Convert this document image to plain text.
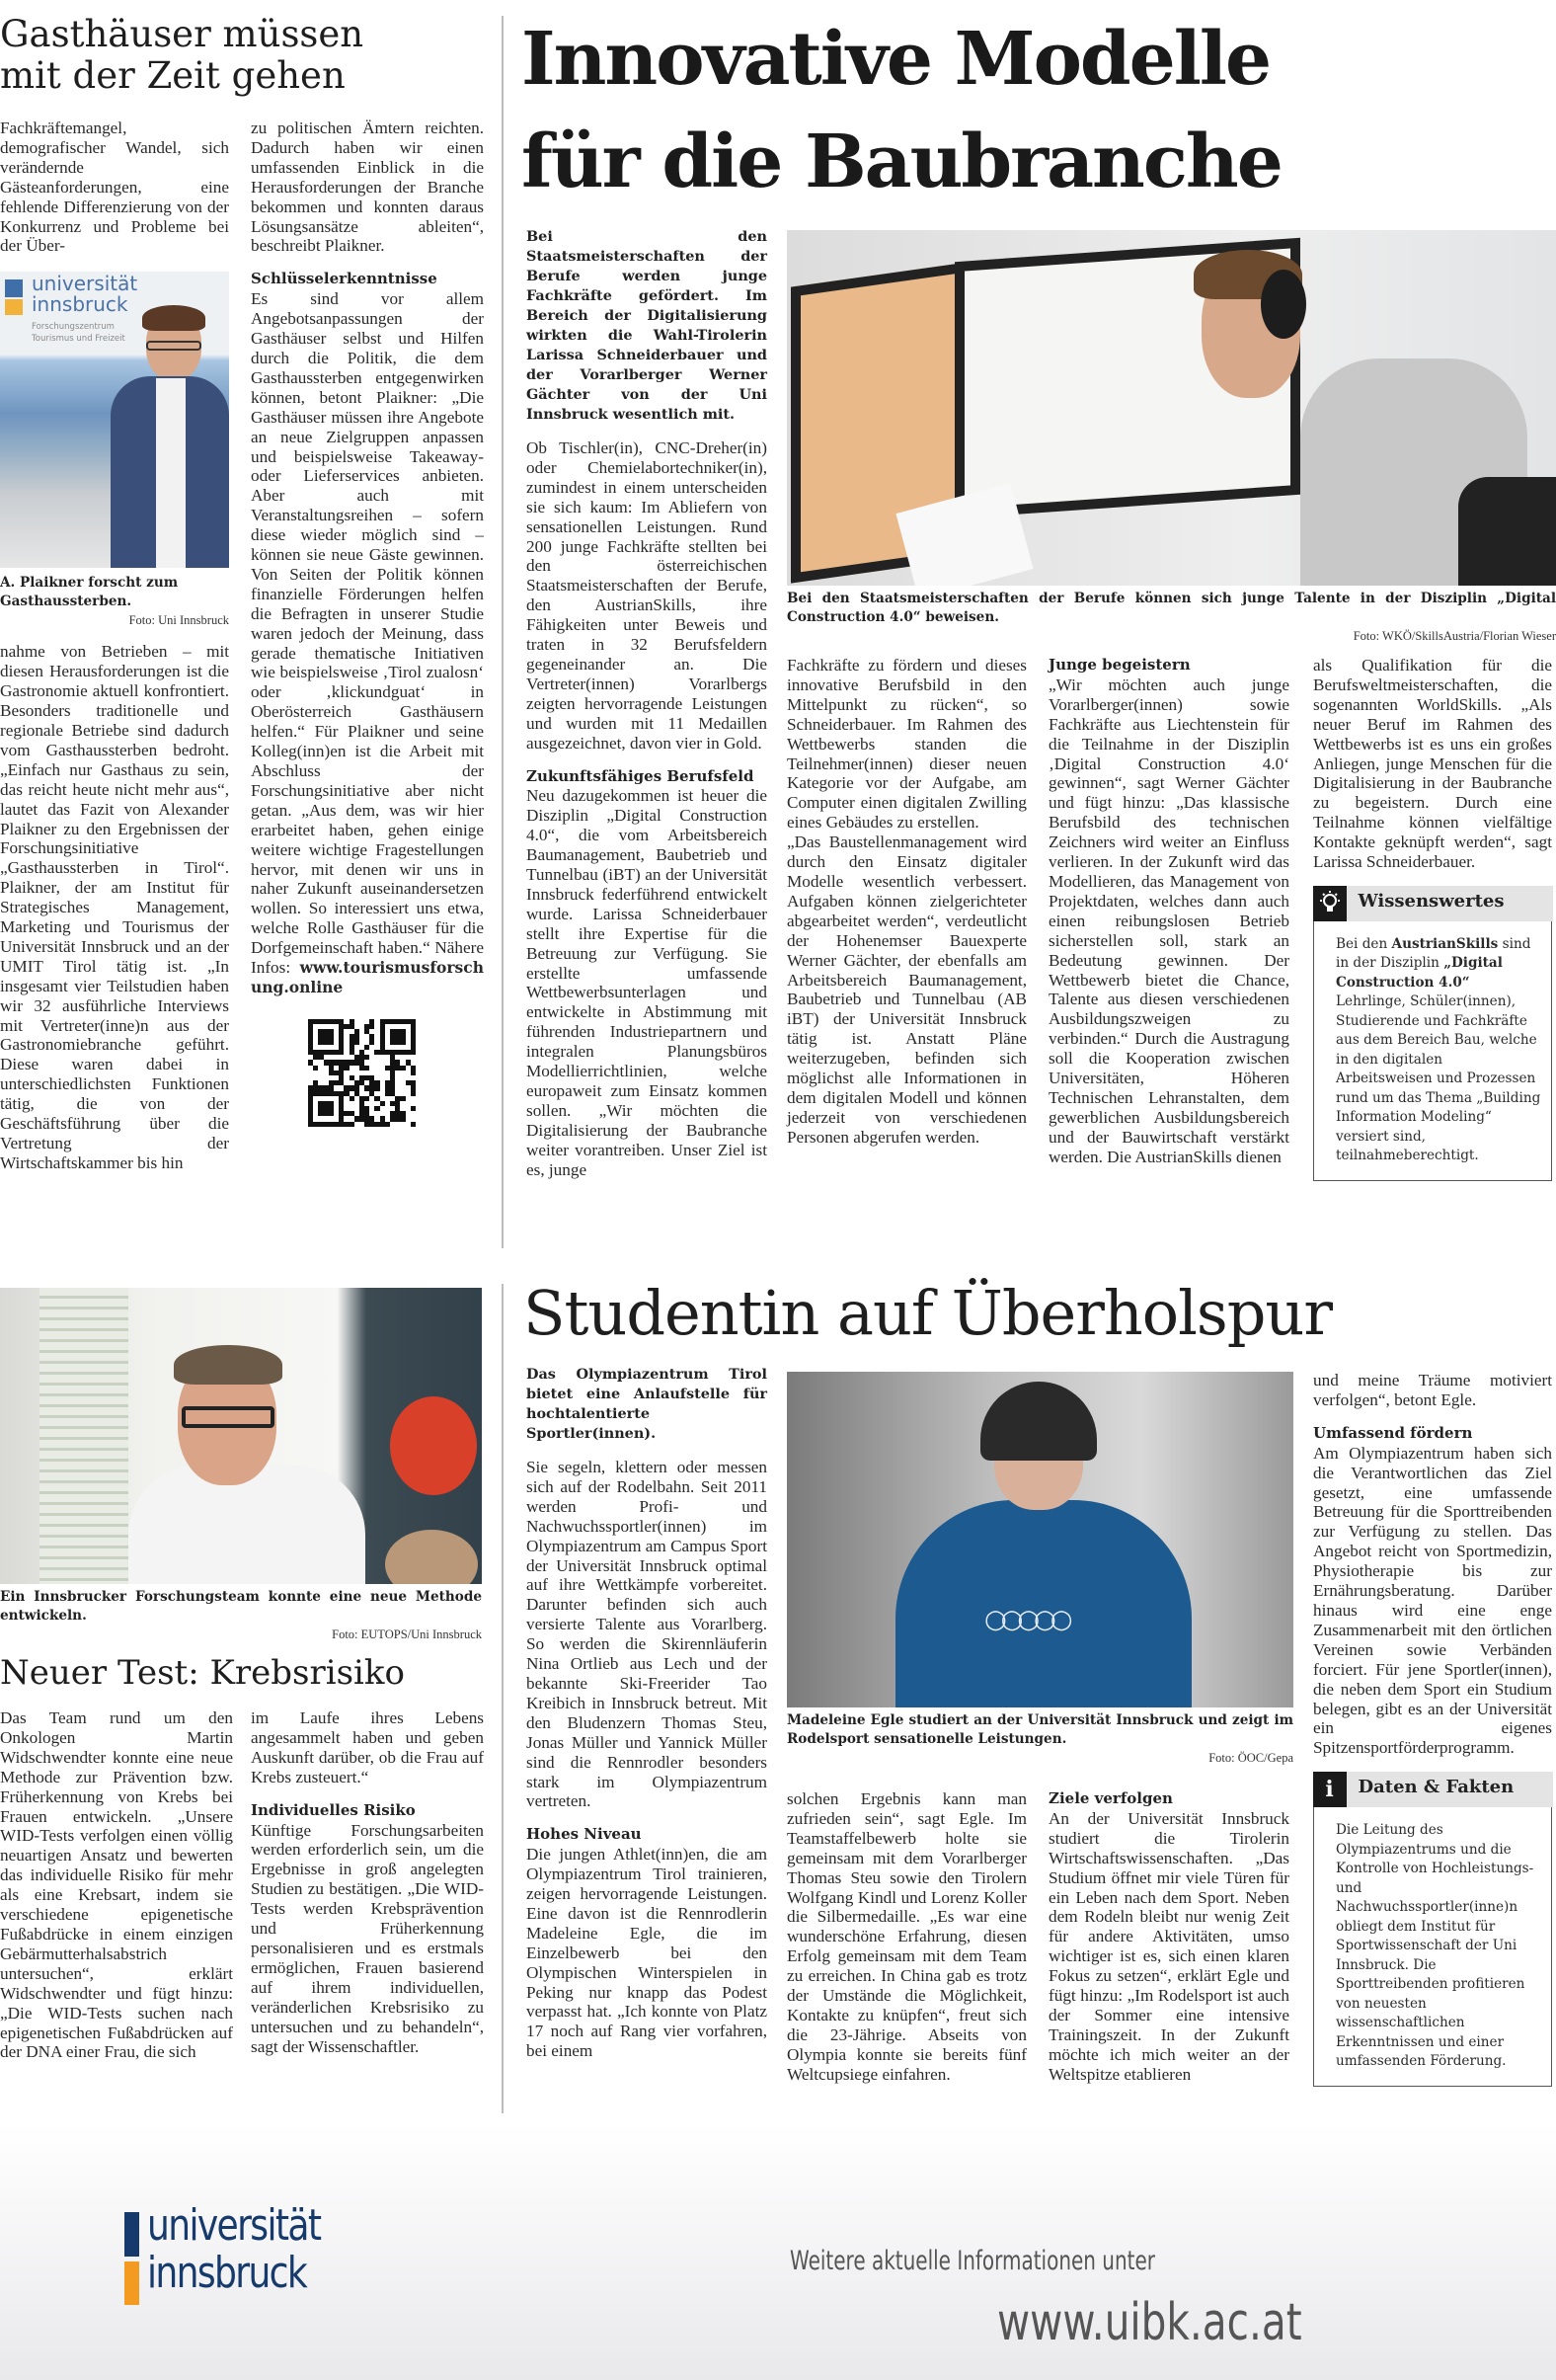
Gasthäuser müssen
mit der Zeit gehen

Fachkräftemangel, demografischer Wandel, sich verändernde Gästeanforderungen, eine fehlende Differenzierung von der Konkurrenz und Probleme bei der Über-

universität
innsbruck
Forschungszentrum
Tourismus und Freizeit
A. Plaikner forscht zum Gasthaussterben.
Foto: Uni Innsbruck

nahme von Betrieben – mit diesen Herausforderungen ist die Gastronomie aktuell konfrontiert. Besonders traditionelle und regionale Betriebe sind dadurch vom Gasthaussterben bedroht. „Einfach nur Gasthaus zu sein, das reicht heute nicht mehr aus“, lautet das Fazit von Alexander Plaikner zu den Ergebnissen der Forschungsinitiative „Gasthaussterben in Tirol“. Plaikner, der am Institut für Strategisches Management, Marketing und Tourismus der Universität Innsbruck und an der UMIT Tirol tätig ist. „In insgesamt vier Teilstudien haben wir 32 ausführliche Interviews mit Vertreter(inne)n aus der Gastronomiebranche geführt. Diese waren dabei in unterschiedlichsten Funktionen tätig, die von der Geschäftsführung über die Vertretung der Wirtschaftskammer bis hin

zu politischen Ämtern reichten. Dadurch haben wir einen umfassenden Einblick in die Herausforderungen der Branche bekommen und konnten daraus Lösungsansätze ableiten“, beschreibt Plaikner.

Schlüsselerkenntnisse

Es sind vor allem Angebotsanpassungen der Gasthäuser selbst und Hilfen durch die Politik, die dem Gasthaussterben entgegenwirken können, betont Plaikner: „Die Gasthäuser müssen ihre Angebote an neue Zielgruppen anpassen und beispielsweise Takeaway- oder Lieferservices anbieten. Aber auch mit Veranstaltungsreihen – sofern diese wieder möglich sind – können sie neue Gäste gewinnen. Von Seiten der Politik können finanzielle Förderungen helfen die Befragten in unserer Studie waren jedoch der Meinung, dass gerade thematische Initiativen wie beispielsweise ‚Tirol zualosn‘ oder ‚klickundguat‘ in Oberösterreich Gasthäusern helfen.“ Für Plaikner und seine Kolleg(inn)en ist die Arbeit mit Abschluss der Forschungsinitiative aber nicht getan. „Aus dem, was wir hier erarbeitet haben, gehen einige weitere wichtige Fragestellungen hervor, mit denen wir uns in naher Zukunft auseinandersetzen wollen. So interessiert uns etwa, welche Rolle Gasthäuser für die Dorfgemeinschaft haben.“ Nähere Infos: www.tourismusforschung.online

Innovative Modelle
für die Baubranche
Bei den Staatsmeisterschaften der Berufe werden junge Fachkräfte gefördert. Im Bereich der Digitalisierung wirkten die Wahl-Tirolerin Larissa Schneiderbauer und der Vorarlberger Werner Gächter von der Uni Innsbruck wesentlich mit.

Ob Tischler(in), CNC-Dreher(in) oder Chemielabortechniker(in), zumindest in einem unterscheiden sie sich kaum: Im Abliefern von sensationellen Leistungen. Rund 200 junge Fachkräfte stellten bei den österreichischen Staatsmeisterschaften der Berufe, den AustrianSkills, ihre Fähigkeiten unter Beweis und traten in 32 Berufsfeldern gegeneinander an. Die Vertreter(innen) Vorarlbergs zeigten hervorragende Leistungen und wurden mit 11 Medaillen ausgezeichnet, davon vier in Gold.

Zukunftsfähiges Berufsfeld

Neu dazugekommen ist heuer die Disziplin „Digital Construction 4.0“, die vom Arbeitsbereich Baumanagement, Baubetrieb und Tunnelbau (iBT) an der Universität Innsbruck federführend entwickelt wurde. Larissa Schneiderbauer stellt ihre Expertise für die Betreuung zur Verfügung. Sie erstellte umfassende Wettbewerbsunterlagen und entwickelte in Abstimmung mit führenden Industriepartnern und integralen Planungsbüros Modellierrichtlinien, welche europaweit zum Einsatz kommen sollen. „Wir möchten die Digitalisierung der Baubranche weiter vorantreiben. Unser Ziel ist es, junge

Bei den Staatsmeisterschaften der Berufe können sich junge Talente in der Disziplin „Digital Construction 4.0“ beweisen.
Foto: WKÖ/SkillsAustria/Florian Wieser

Fachkräfte zu fördern und dieses innovative Berufsbild in den Mittelpunkt zu rücken“, so Schneiderbauer. Im Rahmen des Wettbewerbs standen die Teilnehmer(innen) dieser neuen Kategorie vor der Aufgabe, am Computer einen digitalen Zwilling eines Gebäudes zu erstellen.

„Das Baustellenmanagement wird durch den Einsatz digitaler Modelle wesentlich verbessert. Aufgaben können zielgerichteter abgearbeitet werden“, verdeutlicht der Hohenemser Bauexperte Werner Gächter, der ebenfalls am Arbeitsbereich Baumanagement, Baubetrieb und Tunnelbau (AB iBT) der Universität Innsbruck tätig ist. Anstatt Pläne weiterzugeben, befinden sich möglichst alle Informationen in dem digitalen Modell und können jederzeit von verschiedenen Personen abgerufen werden.

Junge begeistern

„Wir möchten auch junge Vorarlberger(innen) sowie Fachkräfte aus Liechtenstein für die Teilnahme in der Disziplin ‚Digital Construction 4.0‘ gewinnen“, sagt Werner Gächter und fügt hinzu: „Das klassische Berufsbild des technischen Zeichners wird weiter an Einfluss verlieren. In der Zukunft wird das Modellieren, das Management von Projektdaten, welches dann auch einen reibungslosen Betrieb sicherstellen soll, stark an Bedeutung gewinnen. Der Wettbewerb bietet die Chance, Talente aus diesen verschiedenen Ausbildungszweigen zu verbinden.“ Durch die Austragung soll die Kooperation zwischen Universitäten, Höheren Technischen Lehranstalten, dem gewerblichen Ausbildungsbereich und der Bauwirtschaft verstärkt werden. Die AustrianSkills dienen

als Qualifikation für die Berufsweltmeisterschaften, die sogenannten WorldSkills. „Als neuer Beruf im Rahmen des Wettbewerbs ist es uns ein großes Anliegen, junge Menschen für die Digitalisierung in der Baubranche zu begeistern. Durch eine Teilnahme können vielfältige Kontakte geknüpft werden“, sagt Larissa Schneiderbauer.

Wissenswertes
Bei den AustrianSkills sind in der Disziplin „Digital Construction 4.0“ Lehrlinge, Schüler(innen), Studierende und Fachkräfte aus dem Bereich Bau, welche in den digitalen Arbeitsweisen und Prozessen rund um das Thema „Building Information Modeling“ versiert sind, teilnahmeberechtigt.
Ein Innsbrucker Forschungsteam konnte eine neue Methode entwickeln.
Foto: EUTOPS/Uni Innsbruck
Neuer Test: Krebsrisiko

Das Team rund um den Onkologen Martin Widschwendter konnte eine neue Methode zur Prävention bzw. Früherkennung von Krebs bei Frauen entwickeln. „Unsere WID-Tests verfolgen einen völlig neuartigen Ansatz und bewerten das individuelle Risiko für mehr als eine Krebsart, indem sie verschiedene epigenetische Fußabdrücke in einem einzigen Gebärmutterhalsabstrich untersuchen“, erklärt Widschwendter und fügt hinzu: „Die WID-Tests suchen nach epigenetischen Fußabdrücken auf der DNA einer Frau, die sich

im Laufe ihres Lebens angesammelt haben und geben Auskunft darüber, ob die Frau auf Krebs zusteuert.“

Individuelles Risiko

Künftige Forschungsarbeiten werden erforderlich sein, um die Ergebnisse in groß angelegten Studien zu bestätigen. „Die WID-Tests werden Krebsprävention und Früherkennung personalisieren und es erstmals ermöglichen, Frauen basierend auf ihrem individuellen, veränderlichen Krebsrisiko zu untersuchen und zu behandeln“, sagt der Wissenschaftler.

Studentin auf Überholspur
Das Olympiazentrum Tirol bietet eine Anlaufstelle für hochtalentierte Sportler(innen).

Sie segeln, klettern oder messen sich auf der Rodelbahn. Seit 2011 werden Profi- und Nachwuchssportler(innen) im Olympiazentrum am Campus Sport der Universität Innsbruck optimal auf ihre Wettkämpfe vorbereitet. Darunter befinden sich auch versierte Talente aus Vorarlberg. So werden die Skirennläuferin Nina Ortlieb aus Lech und der bekannte Ski-Freerider Tao Kreibich in Innsbruck betreut. Mit den Bludenzern Thomas Steu, Jonas Müller und Yannick Müller sind die Rennrodler besonders stark im Olympiazentrum vertreten.

Hohes Niveau

Die jungen Athlet(inn)en, die am Olympiazentrum Tirol trainieren, zeigen hervorragende Leistungen. Eine davon ist die Rennrodlerin Madeleine Egle, die im Einzelbewerb bei den Olympischen Winterspielen in Peking nur knapp das Podest verpasst hat. „Ich konnte von Platz 17 noch auf Rang vier vorfahren, bei einem

○○○○○
Madeleine Egle studiert an der Universität Innsbruck und zeigt im Rodelsport sensationelle Leistungen.
Foto: ÖOC/Gepa

solchen Ergebnis kann man zufrieden sein“, sagt Egle. Im Teamstaffelbewerb holte sie gemeinsam mit dem Vorarlberger Thomas Steu sowie den Tirolern Wolfgang Kindl und Lorenz Koller die Silbermedaille. „Es war eine wunderschöne Erfahrung, diesen Erfolg gemeinsam mit dem Team zu erreichen. In China gab es trotz der Umstände die Möglichkeit, Kontakte zu knüpfen“, freut sich die 23-Jährige. Abseits von Olympia konnte sie bereits fünf Weltcupsiege einfahren.

Ziele verfolgen

An der Universität Innsbruck studiert die Tirolerin Wirtschaftswissenschaften. „Das Studium öffnet mir viele Türen für ein Leben nach dem Sport. Neben dem Rodeln bleibt nur wenig Zeit für andere Aktivitäten, umso wichtiger ist es, sich einen klaren Fokus zu setzen“, erklärt Egle und fügt hinzu: „Im Rodelsport ist auch der Sommer eine intensive Trainingszeit. In der Zukunft möchte ich mich weiter an der Weltspitze etablieren

und meine Träume motiviert verfolgen“, betont Egle.

Umfassend fördern

Am Olympiazentrum haben sich die Verantwortlichen das Ziel gesetzt, eine umfassende Betreuung für die Sporttreibenden zur Verfügung zu stellen. Das Angebot reicht von Sportmedizin, Physiotherapie bis zur Ernährungsberatung. Darüber hinaus wird eine enge Zusammenarbeit mit den örtlichen Vereinen sowie Verbänden forciert. Für jene Sportler(innen), die neben dem Sport ein Studium belegen, gibt es an der Universität ein eigenes Spitzensportförderprogramm.

i	Daten & Fakten
Die Leitung des Olympiazentrums und die Kontrolle von Hochleistungs- und Nachwuchssportler(inne)n obliegt dem Institut für Sportwissenschaft der Uni Innsbruck. Die Sporttreibenden profitieren von neuesten wissenschaftlichen Erkenntnissen und einer umfassenden Förderung.
universität
innsbruck	Weitere aktuelle Informationen unter
www.uibk.ac.at
